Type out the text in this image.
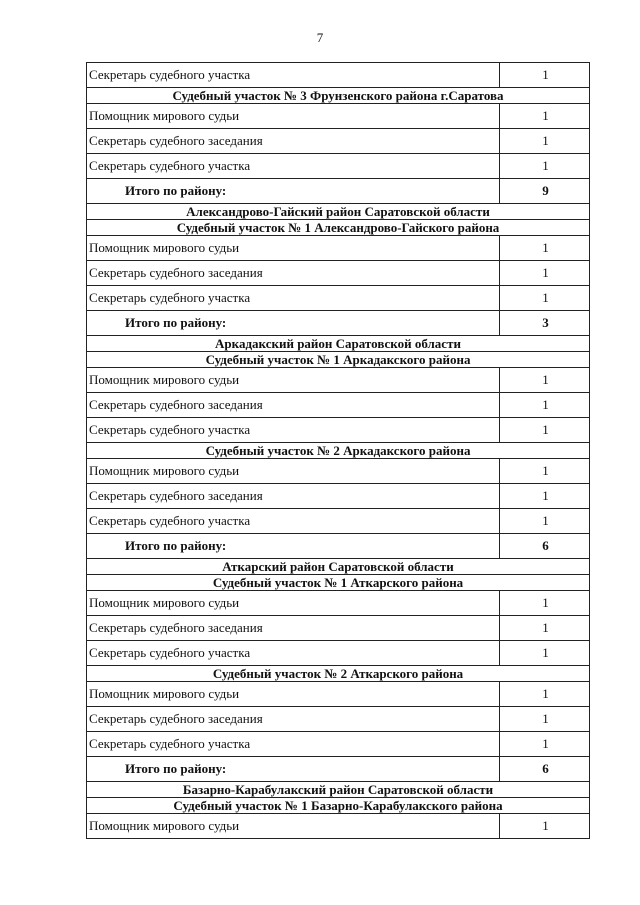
7
Секретарь судебного участка	1
Судебный участок № 3 Фрунзенского района г.Саратова	
Помощник мирового судьи	1
Секретарь судебного заседания	1
Секретарь судебного участка	1
Итого по району:	9
Александрово-Гайский район Саратовской области	
Судебный участок № 1 Александрово-Гайского района	
Помощник мирового судьи	1
Секретарь судебного заседания	1
Секретарь судебного участка	1
Итого по району:	3
Аркадакский район Саратовской области	
Судебный участок № 1 Аркадакского района	
Помощник мирового судьи	1
Секретарь судебного заседания	1
Секретарь судебного участка	1
Судебный участок № 2 Аркадакского района	
Помощник мирового судьи	1
Секретарь судебного заседания	1
Секретарь судебного участка	1
Итого по району:	6
Аткарский район Саратовской области	
Судебный участок № 1 Аткарского района	
Помощник мирового судьи	1
Секретарь судебного заседания	1
Секретарь судебного участка	1
Судебный участок № 2 Аткарского района	
Помощник мирового судьи	1
Секретарь судебного заседания	1
Секретарь судебного участка	1
Итого по району:	6
Базарно-Карабулакский район Саратовской области	
Судебный участок № 1 Базарно-Карабулакского района	
Помощник мирового судьи	1
